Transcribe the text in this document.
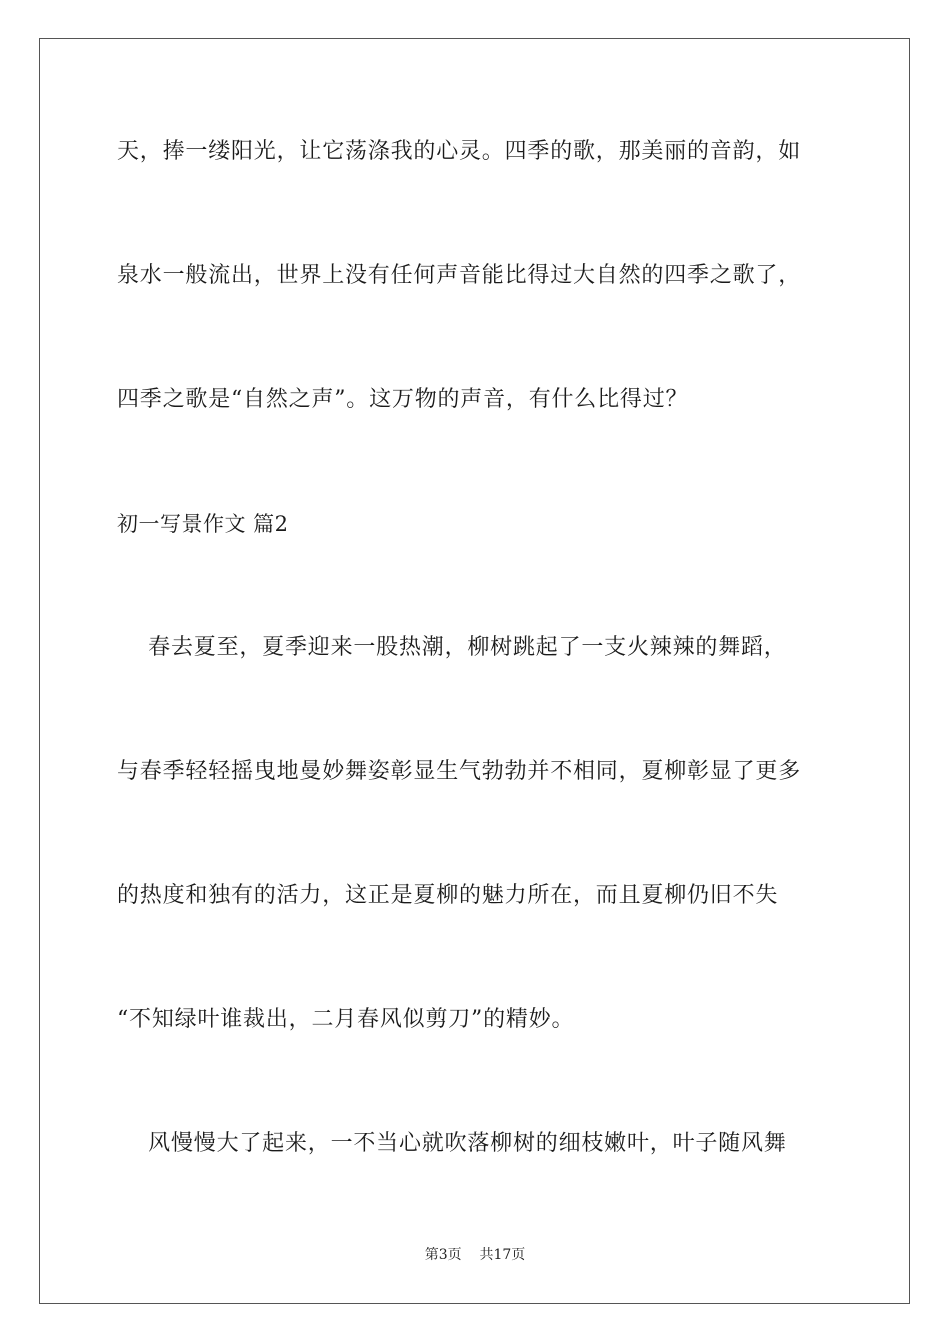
天，捧一缕阳光，让它荡涤我的心灵。四季的歌，那美丽的音韵，如
泉水一般流出，世界上没有任何声音能比得过大自然的四季之歌了，
四季之歌是“自然之声”。这万物的声音，有什么比得过？
初一写景作文 篇2
春去夏至，夏季迎来一股热潮，柳树跳起了一支火辣辣的舞蹈，
与春季轻轻摇曳地曼妙舞姿彰显生气勃勃并不相同，夏柳彰显了更多
的热度和独有的活力，这正是夏柳的魅力所在，而且夏柳仍旧不失
“不知绿叶谁裁出，二月春风似剪刀”的精妙。
风慢慢大了起来，一不当心就吹落柳树的细枝嫩叶，叶子随风舞
第3页 共17页
